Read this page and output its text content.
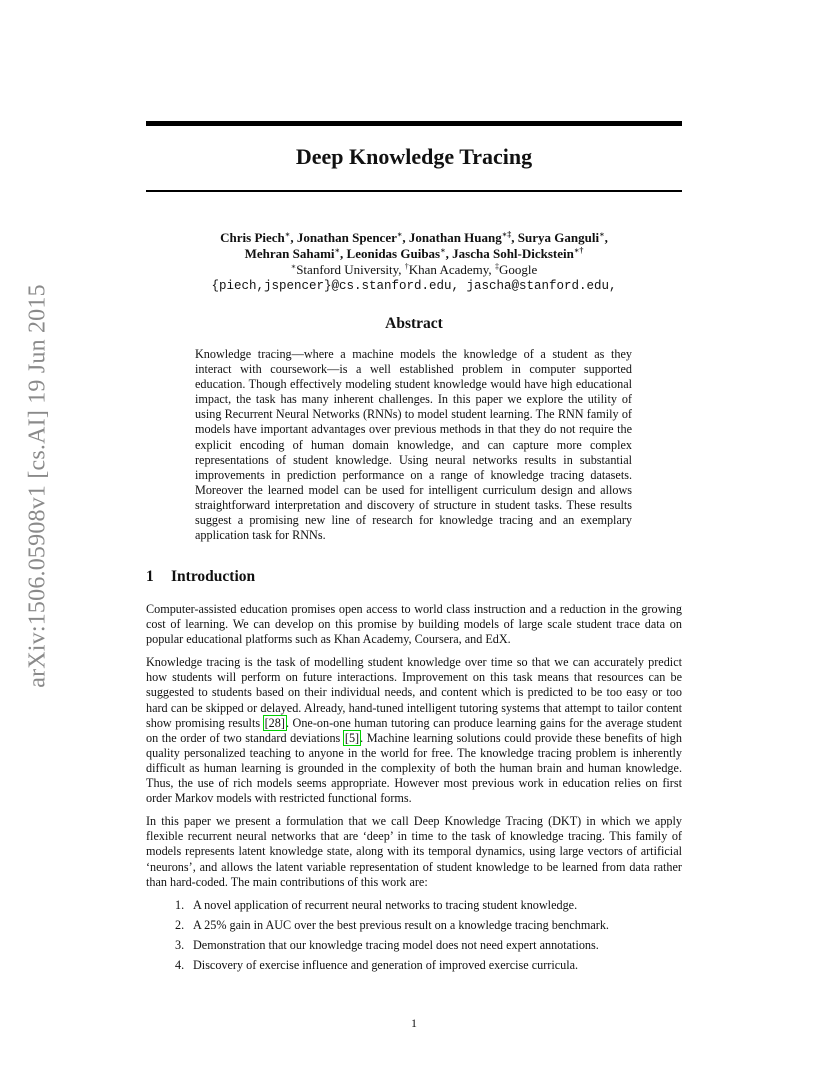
arXiv:1506.05908v1 [cs.AI] 19 Jun 2015
Deep Knowledge Tracing
Chris Piech∗, Jonathan Spencer∗, Jonathan Huang∗‡, Surya Ganguli∗,
Mehran Sahami∗, Leonidas Guibas∗, Jascha Sohl-Dickstein∗†
∗Stanford University, †Khan Academy, ‡Google
{piech,jspencer}@cs.stanford.edu, jascha@stanford.edu,
Abstract

Knowledge tracing—where a machine models the knowledge of a student as they interact with coursework—is a well established problem in computer supported education. Though effectively modeling student knowledge would have high educational impact, the task has many inherent challenges. In this paper we explore the utility of using Recurrent Neural Networks (RNNs) to model student learning. The RNN family of models have important advantages over previous methods in that they do not require the explicit encoding of human domain knowledge, and can capture more complex representations of student knowledge. Using neural networks results in substantial improvements in prediction performance on a range of knowledge tracing datasets. Moreover the learned model can be used for intelligent curriculum design and allows straightforward interpretation and discovery of structure in student tasks. These results suggest a promising new line of research for knowledge tracing and an exemplary application task for RNNs.

1 Introduction

Computer-assisted education promises open access to world class instruction and a reduction in the growing cost of learning. We can develop on this promise by building models of large scale student trace data on popular educational platforms such as Khan Academy, Coursera, and EdX.

Knowledge tracing is the task of modelling student knowledge over time so that we can accurately predict how students will perform on future interactions. Improvement on this task means that resources can be suggested to students based on their individual needs, and content which is predicted to be too easy or too hard can be skipped or delayed. Already, hand-tuned intelligent tutoring systems that attempt to tailor content show promising results [28]. One-on-one human tutoring can produce learning gains for the average student on the order of two standard deviations [5]. Machine learning solutions could provide these benefits of high quality personalized teaching to anyone in the world for free. The knowledge tracing problem is inherently difficult as human learning is grounded in the complexity of both the human brain and human knowledge. Thus, the use of rich models seems appropriate. However most previous work in education relies on first order Markov models with restricted functional forms.

In this paper we present a formulation that we call Deep Knowledge Tracing (DKT) in which we apply flexible recurrent neural networks that are ‘deep’ in time to the task of knowledge tracing. This family of models represents latent knowledge state, along with its temporal dynamics, using large vectors of artificial ‘neurons’, and allows the latent variable representation of student knowledge to be learned from data rather than hard-coded. The main contributions of this work are:

1. A novel application of recurrent neural networks to tracing student knowledge.
2. A 25% gain in AUC over the best previous result on a knowledge tracing benchmark.
3. Demonstration that our knowledge tracing model does not need expert annotations.
4. Discovery of exercise influence and generation of improved exercise curricula.
1
